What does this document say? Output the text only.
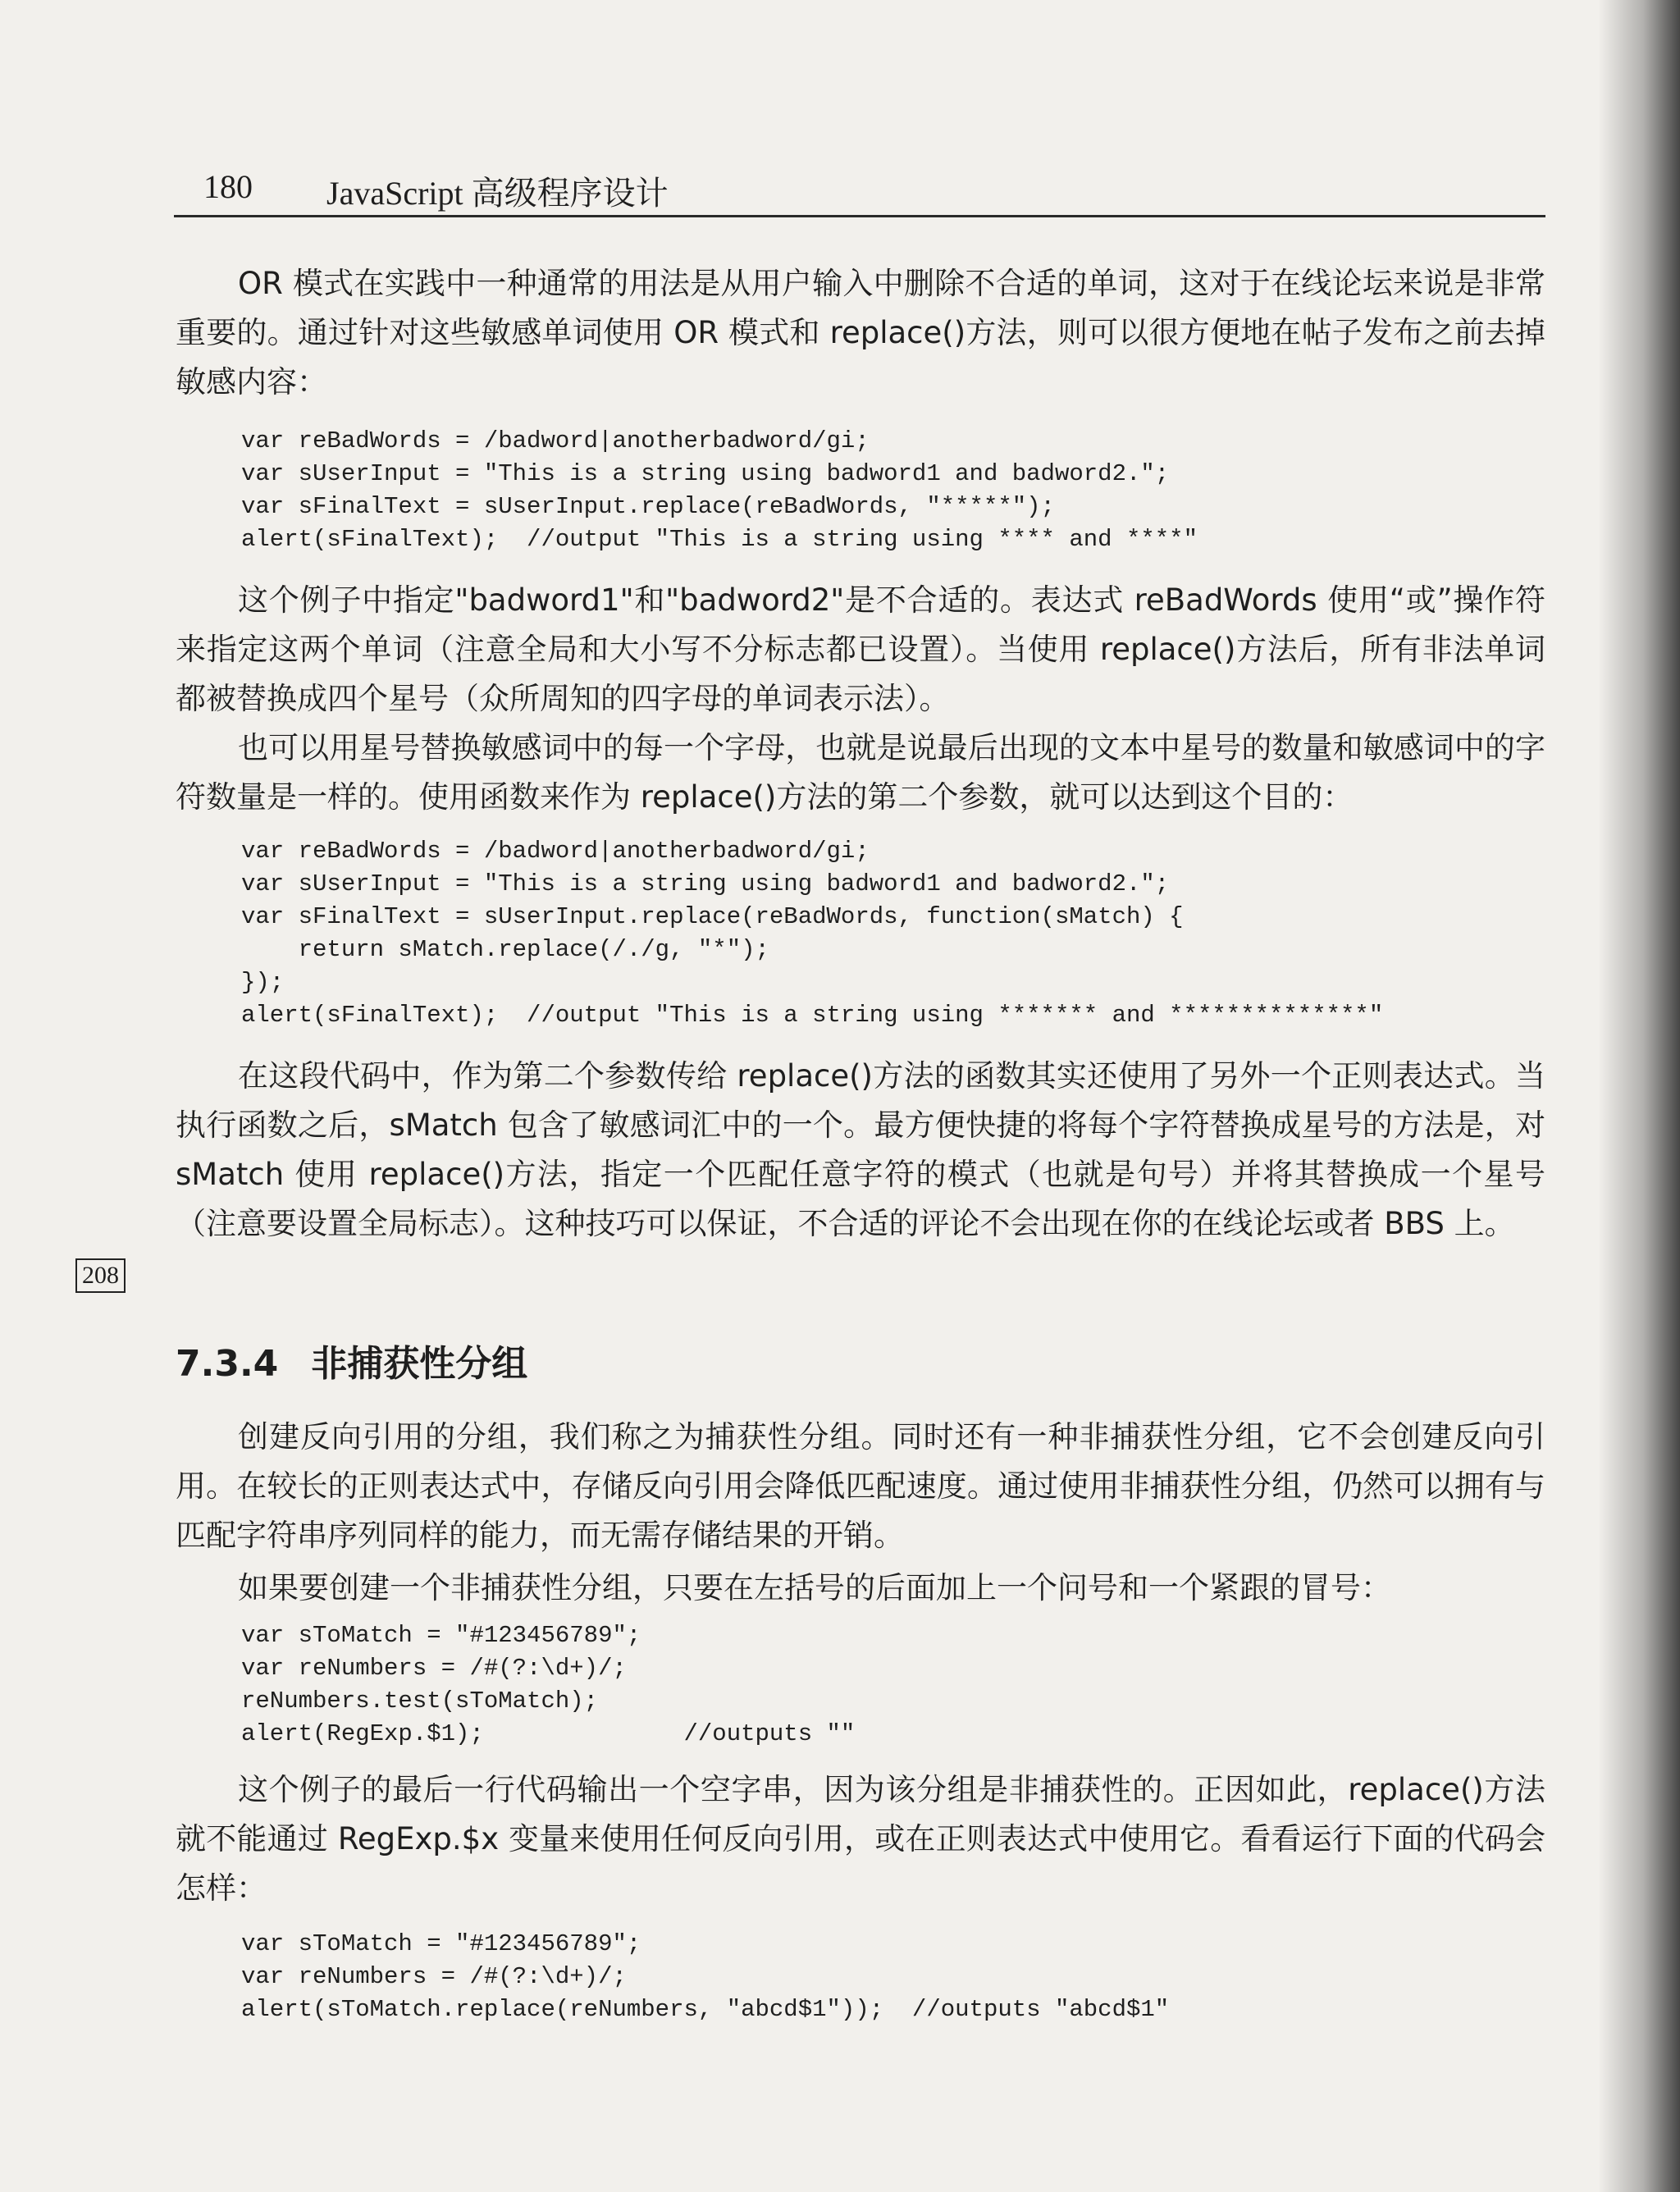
180 JavaScript 高级程序设计
208

OR 模式在实践中一种通常的用法是从用户输入中删除不合适的单词，这对于在线论坛来说是非常重要的。通过针对这些敏感单词使用 OR 模式和 replace()方法，则可以很方便地在帖子发布之前去掉敏感内容：

var reBadWords = /badword|anotherbadword/gi;
var sUserInput = "This is a string using badword1 and badword2.";
var sFinalText = sUserInput.replace(reBadWords, "*****");
alert(sFinalText);  //output "This is a string using **** and ****"

这个例子中指定"badword1"和"badword2"是不合适的。表达式 reBadWords 使用“或”操作符来指定这两个单词（注意全局和大小写不分标志都已设置）。当使用 replace()方法后，所有非法单词都被替换成四个星号（众所周知的四字母的单词表示法）。

也可以用星号替换敏感词中的每一个字母，也就是说最后出现的文本中星号的数量和敏感词中的字符数量是一样的。使用函数来作为 replace()方法的第二个参数，就可以达到这个目的：

var reBadWords = /badword|anotherbadword/gi;
var sUserInput = "This is a string using badword1 and badword2.";
var sFinalText = sUserInput.replace(reBadWords, function(sMatch) {
return sMatch.replace(/./g, "*");
});
alert(sFinalText);  //output "This is a string using ******* and **************"

在这段代码中，作为第二个参数传给 replace()方法的函数其实还使用了另外一个正则表达式。当执行函数之后，sMatch 包含了敏感词汇中的一个。最方便快捷的将每个字符替换成星号的方法是，对 sMatch 使用 replace()方法，指定一个匹配任意字符的模式（也就是句号）并将其替换成一个星号（注意要设置全局标志）。这种技巧可以保证，不合适的评论不会出现在你的在线论坛或者 BBS 上。

7.3.4 非捕获性分组

创建反向引用的分组，我们称之为捕获性分组。同时还有一种非捕获性分组，它不会创建反向引用。在较长的正则表达式中，存储反向引用会降低匹配速度。通过使用非捕获性分组，仍然可以拥有与匹配字符串序列同样的能力，而无需存储结果的开销。

如果要创建一个非捕获性分组，只要在左括号的后面加上一个问号和一个紧跟的冒号：

var sToMatch = "#123456789";
var reNumbers = /#(?:\d+)/;
reNumbers.test(sToMatch);
alert(RegExp.$1);              //outputs ""

这个例子的最后一行代码输出一个空字串，因为该分组是非捕获性的。正因如此，replace()方法就不能通过 RegExp.$x 变量来使用任何反向引用，或在正则表达式中使用它。看看运行下面的代码会怎样：

var sToMatch = "#123456789";
var reNumbers = /#(?:\d+)/;
alert(sToMatch.replace(reNumbers, "abcd$1"));  //outputs "abcd$1"
